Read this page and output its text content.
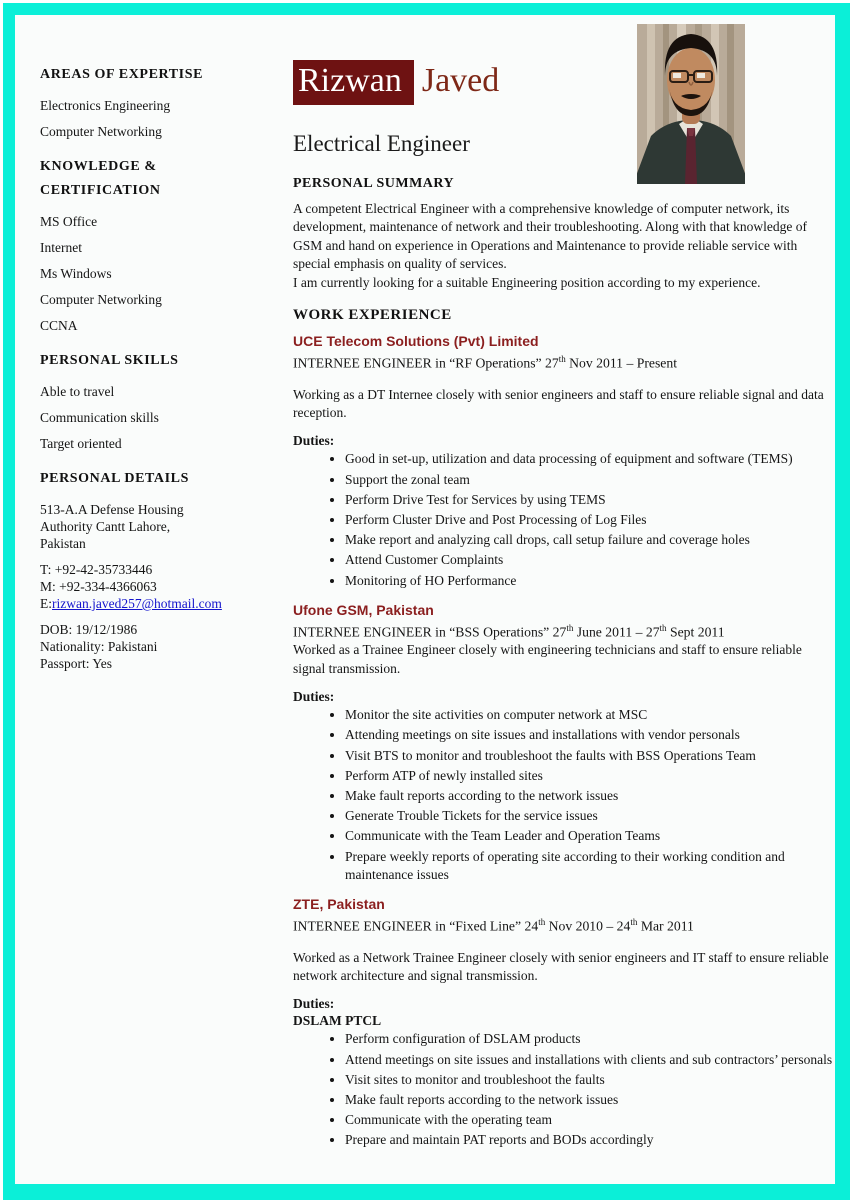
AREAS OF EXPERTISE
Electronics Engineering
Computer Networking
KNOWLEDGE & CERTIFICATION
MS Office
Internet
Ms Windows
Computer Networking
CCNA
PERSONAL SKILLS
Able to travel
Communication skills
Target oriented
PERSONAL DETAILS
513-A.A Defense Housing
Authority Cantt Lahore,
Pakistan
T: +92-42-35733446
M: +92-334-4366063
E:rizwan.javed257@hotmail.com
DOB: 19/12/1986
Nationality: Pakistani
Passport: Yes
Rizwan Javed
Electrical Engineer
PERSONAL SUMMARY
A competent Electrical Engineer with a comprehensive knowledge of computer network, its development, maintenance of network and their troubleshooting. Along with that knowledge of GSM and hand on experience in Operations and Maintenance to provide reliable service with special emphasis on quality of services.
I am currently looking for a suitable Engineering position according to my experience.
WORK EXPERIENCE
UCE Telecom Solutions (Pvt) Limited
INTERNEE ENGINEER in “RF Operations” 27th Nov 2011 – Present
Working as a DT Internee closely with senior engineers and staff to ensure reliable signal and data reception.
Duties:
• Good in set-up, utilization and data processing of equipment and software (TEMS)
• Support the zonal team
• Perform Drive Test for Services by using TEMS
• Perform Cluster Drive and Post Processing of Log Files
• Make report and analyzing call drops, call setup failure and coverage holes
• Attend Customer Complaints
• Monitoring of HO Performance
Ufone GSM, Pakistan
INTERNEE ENGINEER in “BSS Operations” 27th June 2011 – 27th Sept 2011
Worked as a Trainee Engineer closely with engineering technicians and staff to ensure reliable signal transmission.
Duties:
• Monitor the site activities on computer network at MSC
• Attending meetings on site issues and installations with vendor personals
• Visit BTS to monitor and troubleshoot the faults with BSS Operations Team
• Perform ATP of newly installed sites
• Make fault reports according to the network issues
• Generate Trouble Tickets for the service issues
• Communicate with the Team Leader and Operation Teams
• Prepare weekly reports of operating site according to their working condition and maintenance issues
ZTE, Pakistan
INTERNEE ENGINEER in “Fixed Line” 24th Nov 2010 – 24th Mar 2011
Worked as a Network Trainee Engineer closely with senior engineers and IT staff to ensure reliable network architecture and signal transmission.
Duties:
DSLAM PTCL
• Perform configuration of DSLAM products
• Attend meetings on site issues and installations with clients and sub contractors’ personals
• Visit sites to monitor and troubleshoot the faults
• Make fault reports according to the network issues
• Communicate with the operating team
• Prepare and maintain PAT reports and BODs accordingly
